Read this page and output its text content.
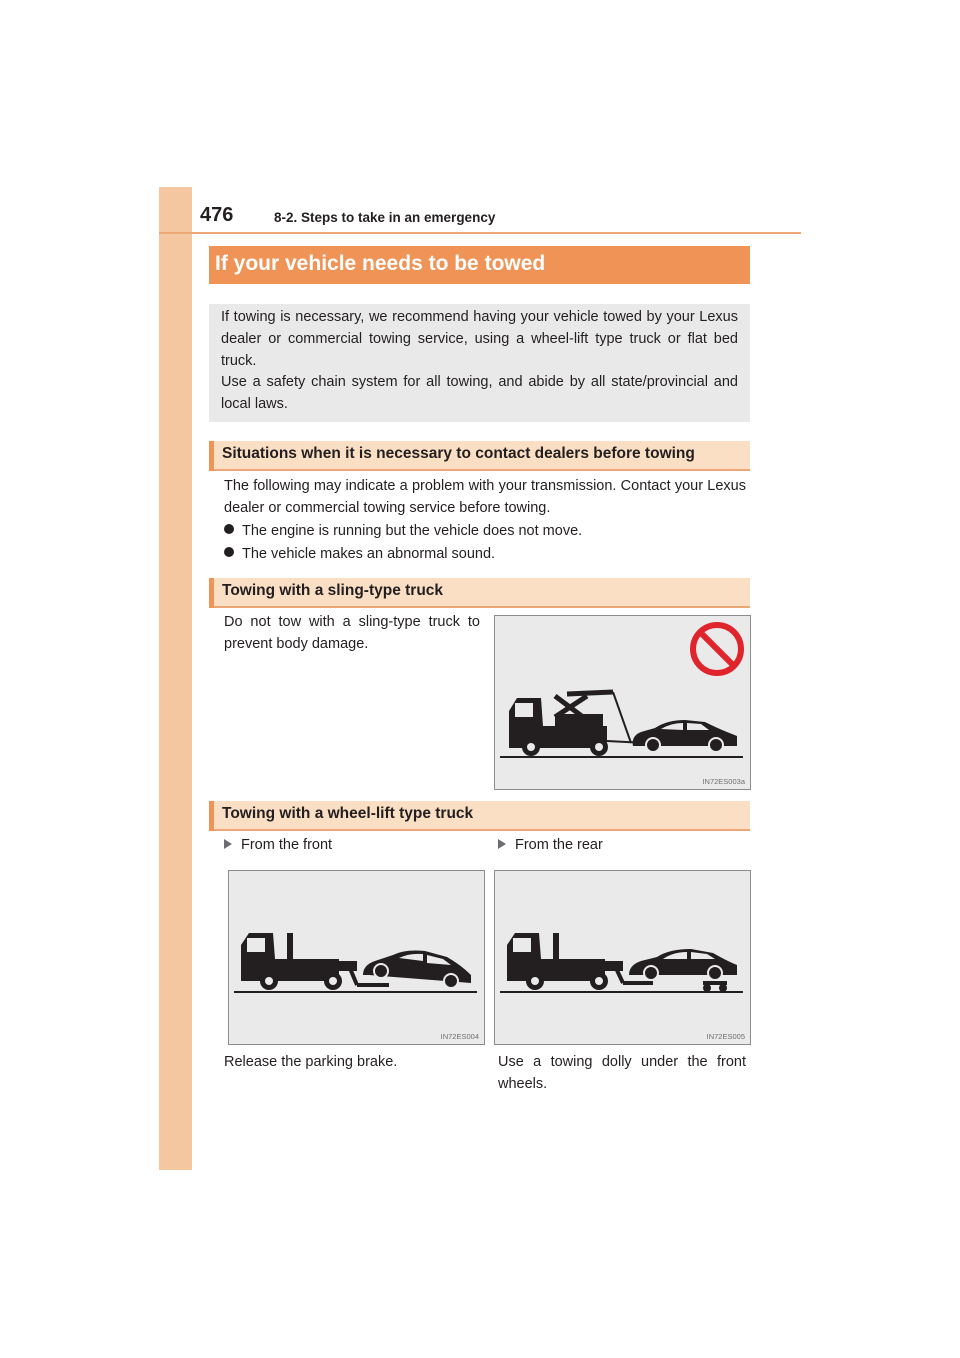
476	8-2. Steps to take in an emergency
If your vehicle needs to be towed

If towing is necessary, we recommend having your vehicle towed by your Lexus dealer or commercial towing service, using a wheel-lift type truck or flat bed truck.

Use a safety chain system for all towing, and abide by all state/provincial and local laws.

Situations when it is necessary to contact dealers before towing

The following may indicate a problem with your transmission. Contact your Lexus dealer or commercial towing service before towing.

The engine is running but the vehicle does not move.
The vehicle makes an abnormal sound.
Towing with a sling-type truck

Do not tow with a sling-type truck to prevent body damage.

IN72ES003a
Towing with a wheel-lift type truck
From the front	From the rear
IN72ES004	IN72ES005

Release the parking brake.	Use a towing dolly under the front wheels.
